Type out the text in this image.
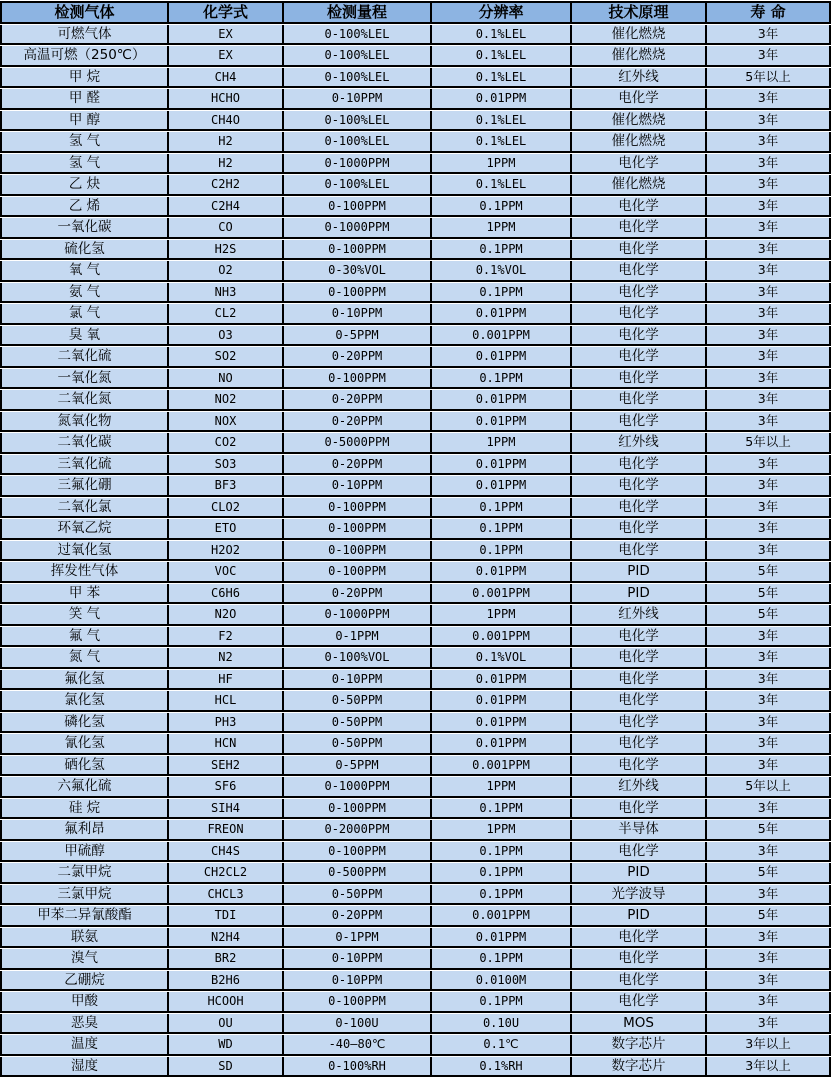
检测气体	化学式	检测量程	分辨率	技术原理	寿 命
可燃气体	EX	0-100%LEL	0.1%LEL	催化燃烧	3年
高温可燃（250℃）	EX	0-100%LEL	0.1%LEL	催化燃烧	3年
甲 烷	CH4	0-100%LEL	0.1%LEL	红外线	5年以上
甲 醛	HCHO	0-10PPM	0.01PPM	电化学	3年
甲 醇	CH4O	0-100%LEL	0.1%LEL	催化燃烧	3年
氢 气	H2	0-100%LEL	0.1%LEL	催化燃烧	3年
氢 气	H2	0-1000PPM	1PPM	电化学	3年
乙 炔	C2H2	0-100%LEL	0.1%LEL	催化燃烧	3年
乙 烯	C2H4	0-100PPM	0.1PPM	电化学	3年
一氧化碳	CO	0-1000PPM	1PPM	电化学	3年
硫化氢	H2S	0-100PPM	0.1PPM	电化学	3年
氧 气	O2	0-30%VOL	0.1%VOL	电化学	3年
氨 气	NH3	0-100PPM	0.1PPM	电化学	3年
氯 气	CL2	0-10PPM	0.01PPM	电化学	3年
臭 氧	O3	0-5PPM	0.001PPM	电化学	3年
二氧化硫	SO2	0-20PPM	0.01PPM	电化学	3年
一氧化氮	NO	0-100PPM	0.1PPM	电化学	3年
二氧化氮	NO2	0-20PPM	0.01PPM	电化学	3年
氮氧化物	NOX	0-20PPM	0.01PPM	电化学	3年
二氧化碳	CO2	0-5000PPM	1PPM	红外线	5年以上
三氧化硫	SO3	0-20PPM	0.01PPM	电化学	3年
三氟化硼	BF3	0-10PPM	0.01PPM	电化学	3年
二氧化氯	CLO2	0-100PPM	0.1PPM	电化学	3年
环氧乙烷	ETO	0-100PPM	0.1PPM	电化学	3年
过氧化氢	H2O2	0-100PPM	0.1PPM	电化学	3年
挥发性气体	VOC	0-100PPM	0.01PPM	PID	5年
甲 苯	C6H6	0-20PPM	0.001PPM	PID	5年
笑 气	N2O	0-1000PPM	1PPM	红外线	5年
氟 气	F2	0-1PPM	0.001PPM	电化学	3年
氮 气	N2	0-100%VOL	0.1%VOL	电化学	3年
氟化氢	HF	0-10PPM	0.01PPM	电化学	3年
氯化氢	HCL	0-50PPM	0.01PPM	电化学	3年
磷化氢	PH3	0-50PPM	0.01PPM	电化学	3年
氰化氢	HCN	0-50PPM	0.01PPM	电化学	3年
硒化氢	SEH2	0-5PPM	0.001PPM	电化学	3年
六氟化硫	SF6	0-1000PPM	1PPM	红外线	5年以上
硅 烷	SIH4	0-100PPM	0.1PPM	电化学	3年
氟利昂	FREON	0-2000PPM	1PPM	半导体	5年
甲硫醇	CH4S	0-100PPM	0.1PPM	电化学	3年
二氯甲烷	CH2CL2	0-500PPM	0.1PPM	PID	5年
三氯甲烷	CHCL3	0-50PPM	0.1PPM	光学波导	3年
甲苯二异氰酸酯	TDI	0-20PPM	0.001PPM	PID	5年
联氨	N2H4	0-1PPM	0.01PPM	电化学	3年
溴气	BR2	0-10PPM	0.1PPM	电化学	3年
乙硼烷	B2H6	0-10PPM	0.0100M	电化学	3年
甲酸	HCOOH	0-100PPM	0.1PPM	电化学	3年
恶臭	OU	0-100U	0.10U	MOS	3年
温度	WD	-40—80℃	0.1℃	数字芯片	3年以上
湿度	SD	0-100%RH	0.1%RH	数字芯片	3年以上
